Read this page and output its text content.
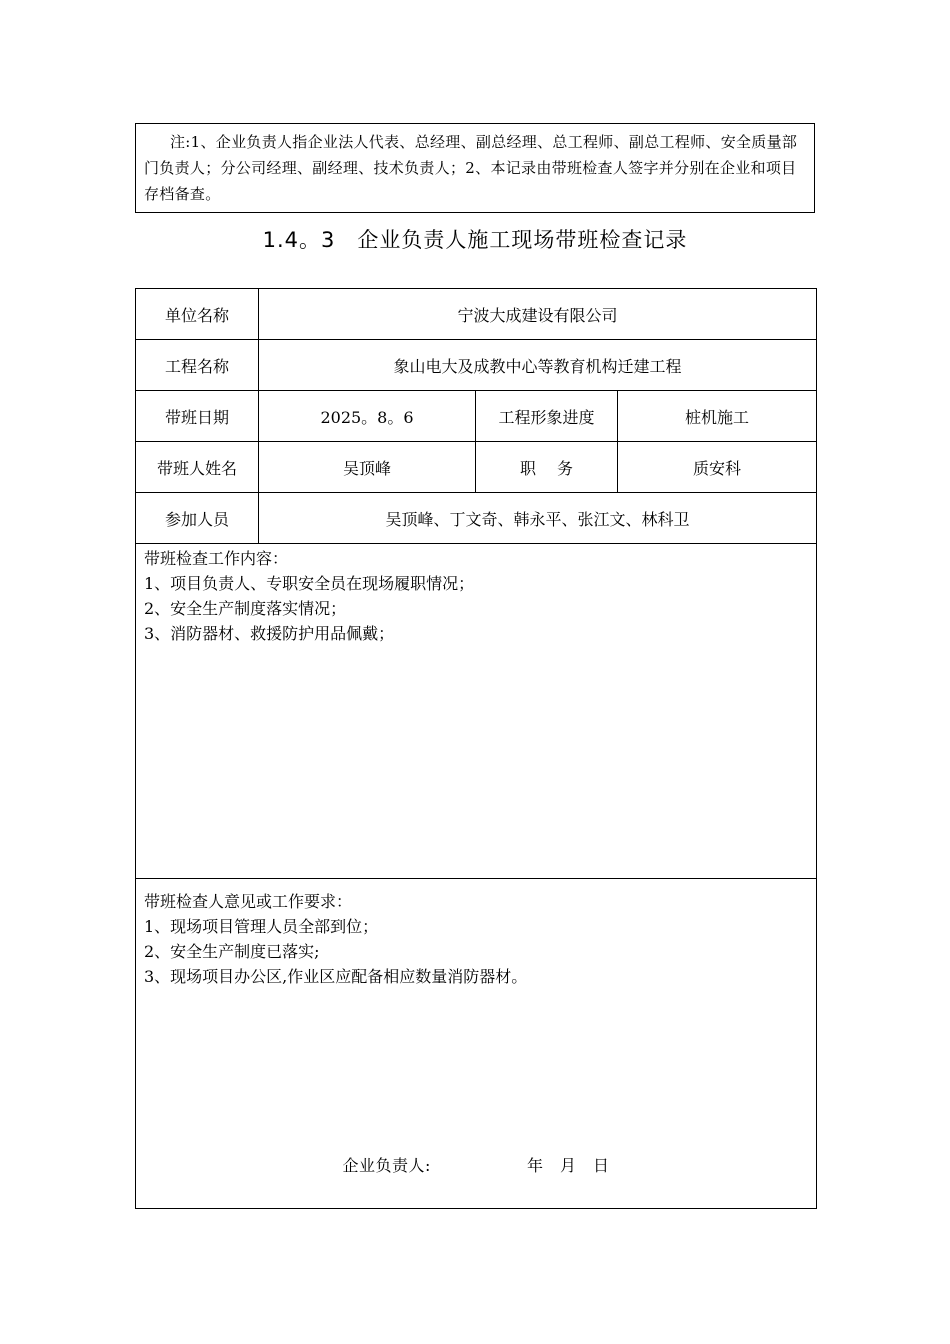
注:1、企业负责人指企业法人代表、总经理、副总经理、总工程师、副总工程师、安全质量部门负责人；分公司经理、副经理、技术负责人；2、本记录由带班检查人签字并分别在企业和项目存档备查。
1.4。3　企业负责人施工现场带班检查记录
单位名称	宁波大成建设有限公司		
工程名称	象山电大及成教中心等教育机构迁建工程		
带班日期	2025。8。6	工程形象进度	桩机施工
带班人姓名	吴顶峰	职　 务	质安科
参加人员	吴顶峰、丁文奇、韩永平、张江文、林科卫		

带班检查工作内容：

1、项目负责人、专职安全员在现场履职情况；

2、安全生产制度落实情况；

3、消防器材、救援防护用品佩戴；			

带班检查人意见或工作要求：

1、现场项目管理人员全部到位；

2、安全生产制度已落实;

3、现场项目办公区,作业区应配备相应数量消防器材。

企业负责人: 年　月　日			
